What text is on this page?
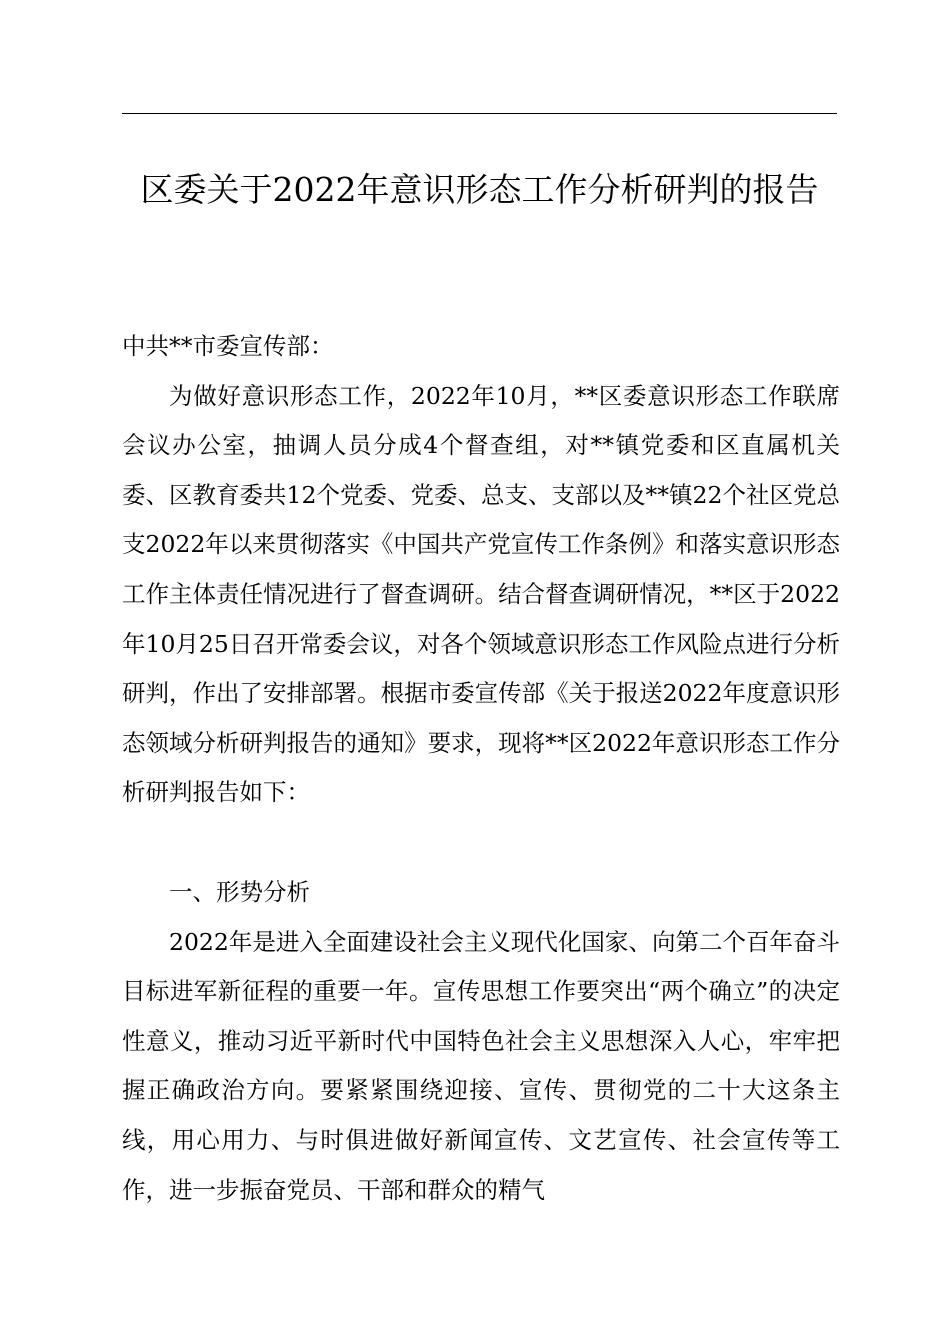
区委关于2022年意识形态工作分析研判的报告

中共**市委宣传部：

为做好意识形态工作，2022年10月，**区委意识形态工作联席会议办公室，抽调人员分成4个督查组，对**镇党委和区直属机关委、区教育委共12个党委、党委、总支、支部以及**镇22个社区党总支2022年以来贯彻落实《中国共产党宣传工作条例》和落实意识形态工作主体责任情况进行了督查调研。结合督查调研情况，**区于2022年10月25日召开常委会议，对各个领域意识形态工作风险点进行分析研判，作出了安排部署。根据市委宣传部《关于报送2022年度意识形态领域分析研判报告的通知》要求，现将**区2022年意识形态工作分析研判报告如下：

一、形势分析

2022年是进入全面建设社会主义现代化国家、向第二个百年奋斗目标进军新征程的重要一年。宣传思想工作要突出“两个确立”的决定性意义，推动习近平新时代中国特色社会主义思想深入人心，牢牢把握正确政治方向。要紧紧围绕迎接、宣传、贯彻党的二十大这条主线，用心用力、与时俱进做好新闻宣传、文艺宣传、社会宣传等工作，进一步振奋党员、干部和群众的精气
